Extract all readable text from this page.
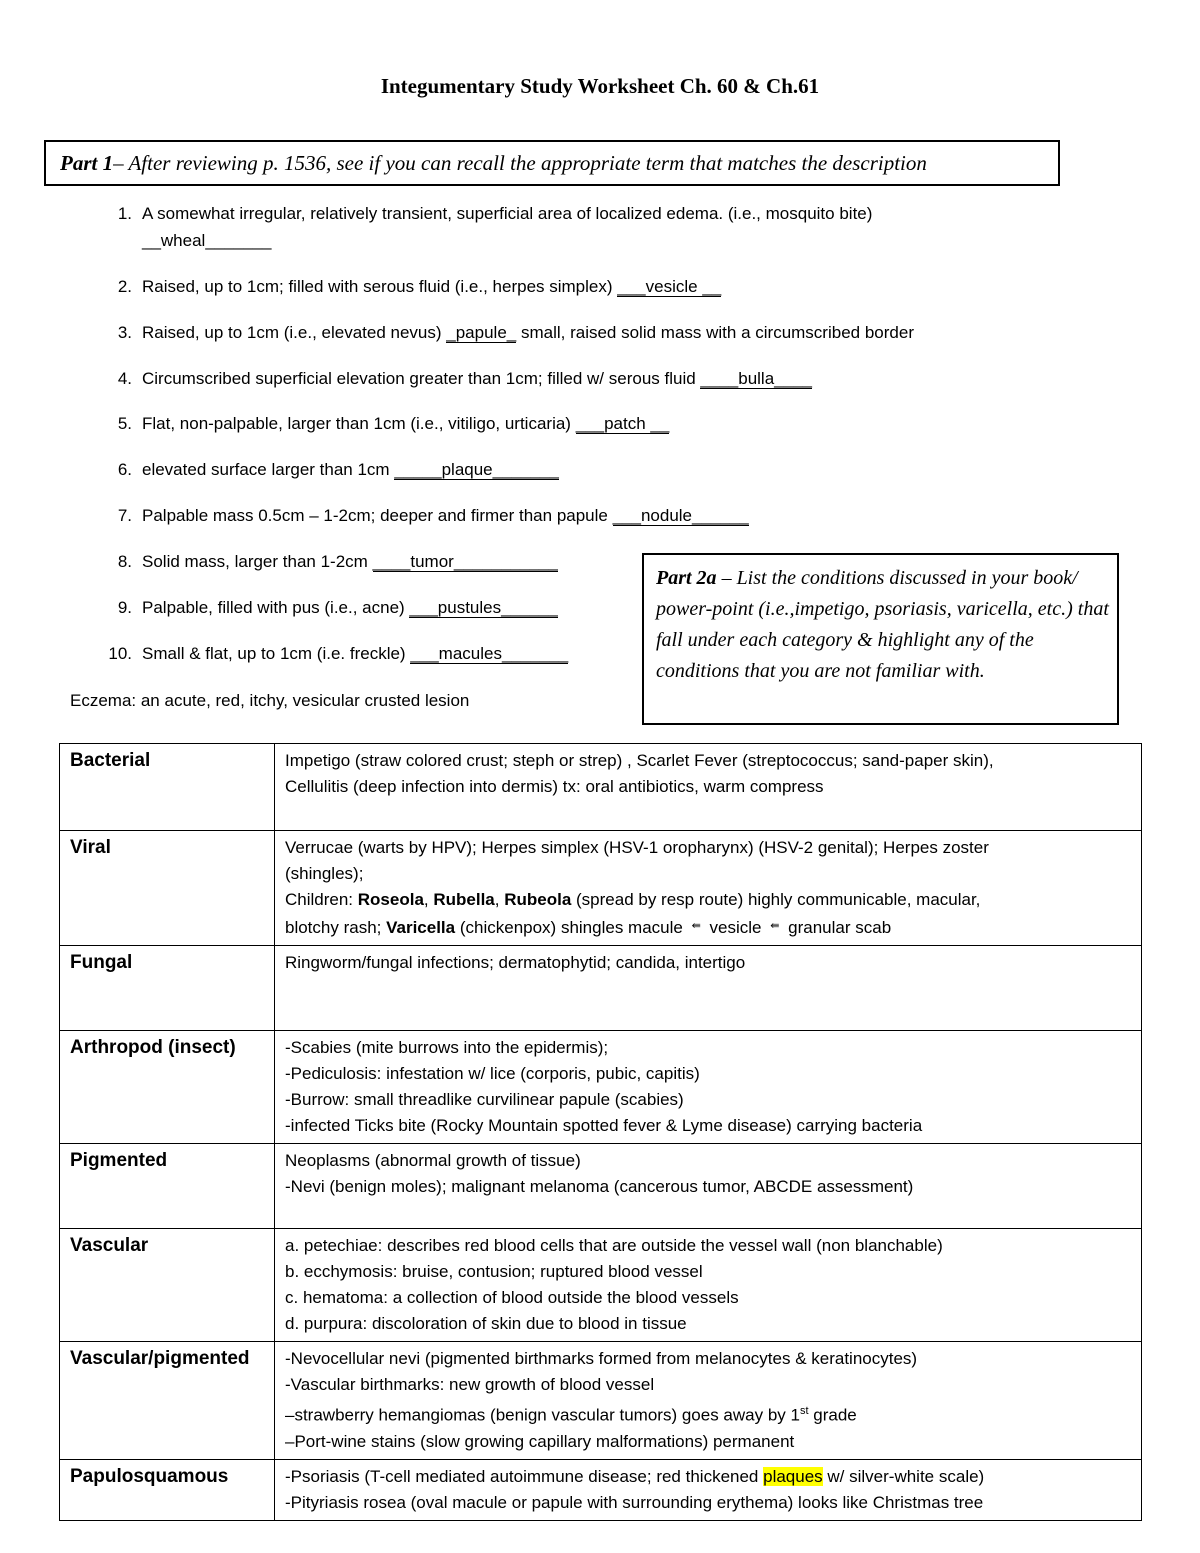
Integumentary Study Worksheet Ch. 60 & Ch.61
Part 1– After reviewing p. 1536, see if you can recall the appropriate term that matches the description
1. A somewhat irregular, relatively transient, superficial area of localized edema. (i.e., mosquito bite)
__wheal_______
2. Raised, up to 1cm; filled with serous fluid (i.e., herpes simplex) ___vesicle __
3. Raised, up to 1cm (i.e., elevated nevus) _papule_ small, raised solid mass with a circumscribed border
4. Circumscribed superficial elevation greater than 1cm; filled w/ serous fluid ____bulla____
5. Flat, non-palpable, larger than 1cm (i.e., vitiligo, urticaria) ___patch __
6. elevated surface larger than 1cm _____plaque_______
7. Palpable mass 0.5cm – 1-2cm; deeper and firmer than papule ___nodule______
8. Solid mass, larger than 1-2cm ____tumor___________
9. Palpable, filled with pus (i.e., acne) ___pustules______
10. Small & flat, up to 1cm (i.e. freckle) ___macules_______
Eczema: an acute, red, itchy, vesicular crusted lesion
Part 2a – List the conditions discussed in your book/ power-point (i.e.,impetigo, psoriasis, varicella, etc.) that fall under each category & highlight any of the conditions that you are not familiar with.
Bacterial	Impetigo (straw colored crust; steph or strep) , Scarlet Fever (streptococcus; sand-paper skin),
Cellulitis (deep infection into dermis) tx: oral antibiotics, warm compress

Viral	Verrucae (warts by HPV); Herpes simplex (HSV-1 oropharynx) (HSV-2 genital); Herpes zoster
(shingles);
Children: Roseola, Rubella, Rubeola (spread by resp route) highly communicable, macular,
blotchy rash; Varicella (chickenpox) shingles macule ⇚ vesicle ⇚ granular scab

Fungal	Ringworm/fungal infections; dermatophytid; candida, intertigo

Arthropod (insect)	-Scabies (mite burrows into the epidermis);
-Pediculosis: infestation w/ lice (corporis, pubic, capitis)
-Burrow: small threadlike curvilinear papule (scabies)
-infected Ticks bite (Rocky Mountain spotted fever & Lyme disease) carrying bacteria

Pigmented	Neoplasms (abnormal growth of tissue)
-Nevi (benign moles); malignant melanoma (cancerous tumor, ABCDE assessment)

Vascular	a. petechiae: describes red blood cells that are outside the vessel wall (non blanchable)
b. ecchymosis: bruise, contusion; ruptured blood vessel
c. hematoma: a collection of blood outside the blood vessels
d. purpura: discoloration of skin due to blood in tissue

Vascular/pigmented	-Nevocellular nevi (pigmented birthmarks formed from melanocytes & keratinocytes)
-Vascular birthmarks: new growth of blood vessel
–strawberry hemangiomas (benign vascular tumors) goes away by 1st grade
–Port-wine stains (slow growing capillary malformations) permanent

Papulosquamous	-Psoriasis (T-cell mediated autoimmune disease; red thickened plaques w/ silver-white scale)
-Pityriasis rosea (oval macule or papule with surrounding erythema) looks like Christmas tree
